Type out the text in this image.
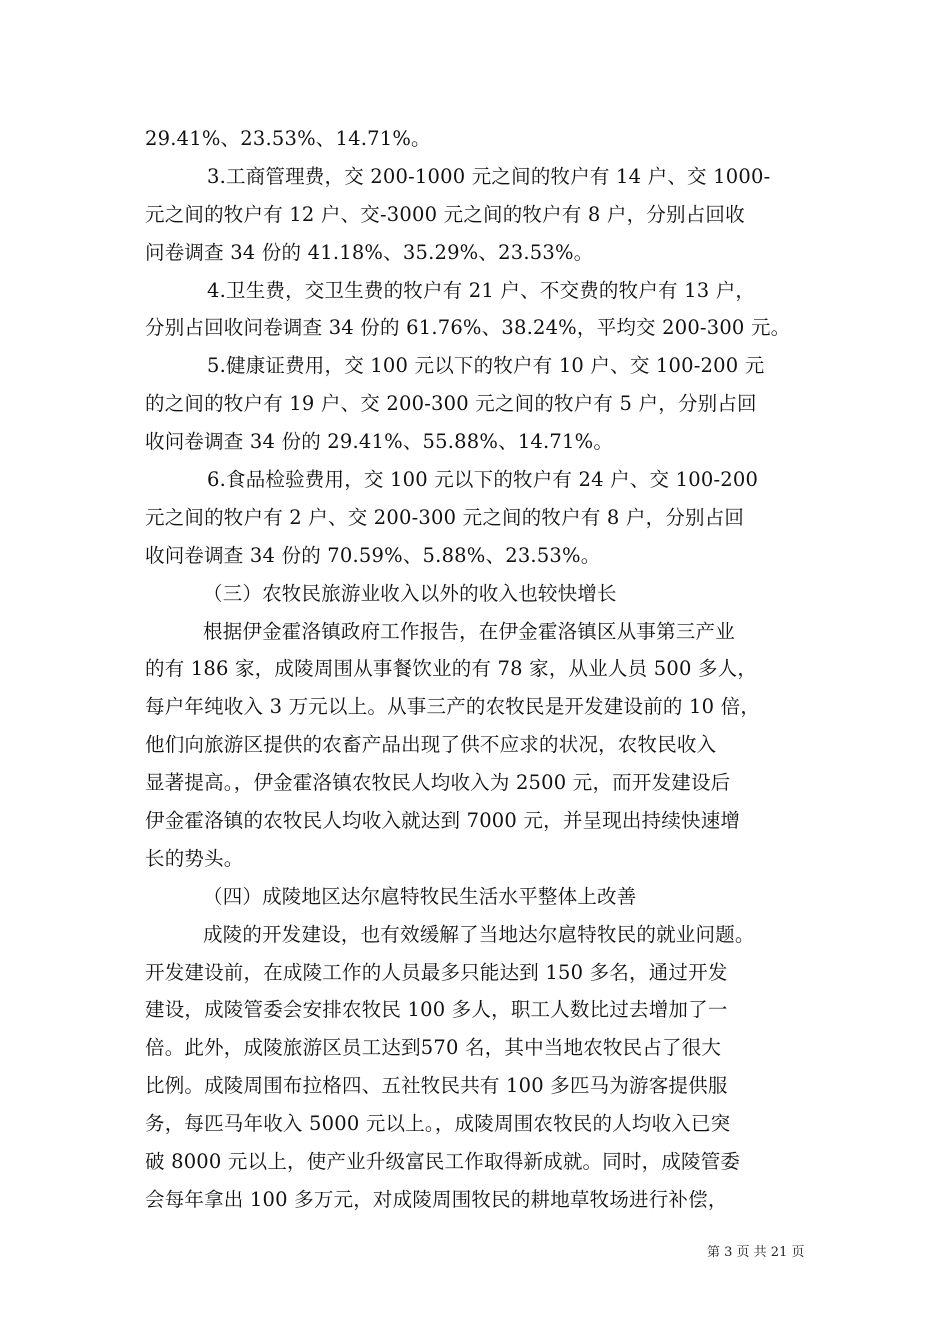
29.41%、23.53%、14.71%。
3.工商管理费，交 200-1000 元之间的牧户有 14 户、交 1000-
元之间的牧户有 12 户、交-3000 元之间的牧户有 8 户，分别占回收
问卷调查 34 份的 41.18%、35.29%、23.53%。
4.卫生费，交卫生费的牧户有 21 户、不交费的牧户有 13 户，
分别占回收问卷调查 34 份的 61.76%、38.24%，平均交 200-300 元。
5.健康证费用，交 100 元以下的牧户有 10 户、交 100-200 元
的之间的牧户有 19 户、交 200-300 元之间的牧户有 5 户，分别占回
收问卷调查 34 份的 29.41%、55.88%、14.71%。
6.食品检验费用，交 100 元以下的牧户有 24 户、交 100-200
元之间的牧户有 2 户、交 200-300 元之间的牧户有 8 户，分别占回
收问卷调查 34 份的 70.59%、5.88%、23.53%。
（三）农牧民旅游业收入以外的收入也较快增长
根据伊金霍洛镇政府工作报告，在伊金霍洛镇区从事第三产业
的有 186 家，成陵周围从事餐饮业的有 78 家，从业人员 500 多人，
每户年纯收入 3 万元以上。从事三产的农牧民是开发建设前的 10 倍，
他们向旅游区提供的农畜产品出现了供不应求的状况，农牧民收入
显著提高。，伊金霍洛镇农牧民人均收入为 2500 元，而开发建设后
伊金霍洛镇的农牧民人均收入就达到 7000 元，并呈现出持续快速增
长的势头。
（四）成陵地区达尔扈特牧民生活水平整体上改善
成陵的开发建设，也有效缓解了当地达尔扈特牧民的就业问题。
开发建设前，在成陵工作的人员最多只能达到 150 多名，通过开发
建设，成陵管委会安排农牧民 100 多人，职工人数比过去增加了一
倍。此外，成陵旅游区员工达到570 名，其中当地农牧民占了很大
比例。成陵周围布拉格四、五社牧民共有 100 多匹马为游客提供服
务，每匹马年收入 5000 元以上。，成陵周围农牧民的人均收入已突
破 8000 元以上，使产业升级富民工作取得新成就。同时，成陵管委
会每年拿出 100 多万元，对成陵周围牧民的耕地草牧场进行补偿，
第 3 页 共 21 页
